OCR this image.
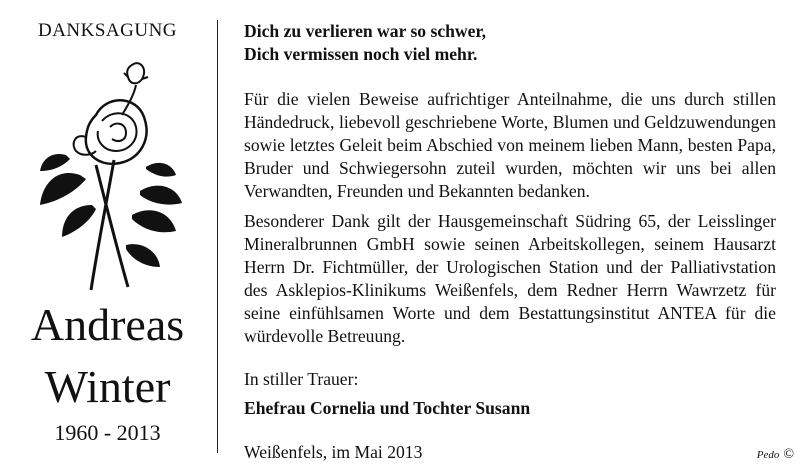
DANKSAGUNG
Andreas
Winter
1960 - 2013
Dich zu verlieren war so schwer,
Dich vermissen noch viel mehr.

Für die vielen Beweise aufrichtiger Anteilnahme, die uns durch stillen Händedruck, liebevoll geschriebene Worte, Blumen und Geldzuwendungen sowie letztes Geleit beim Abschied von meinem lieben Mann, besten Papa, Bruder und Schwiegersohn zuteil wurden, möchten wir uns bei allen Verwandten, Freunden und Bekannten bedanken.

Besonderer Dank gilt der Hausgemeinschaft Südring 65, der Leisslinger Mineralbrunnen GmbH sowie seinen Arbeitskollegen, seinem Hausarzt Herrn Dr. Fichtmüller, der Urologischen Station und der Palliativstation des Asklepios-Klinikums Weißenfels, dem Redner Herrn Wawrzetz für seine einfühlsamen Worte und dem Bestattungsinstitut ANTEA für die würdevolle Betreuung.

In stiller Trauer:

Ehefrau Cornelia und Tochter Susann

Weißenfels, im Mai 2013	Pedo ©
